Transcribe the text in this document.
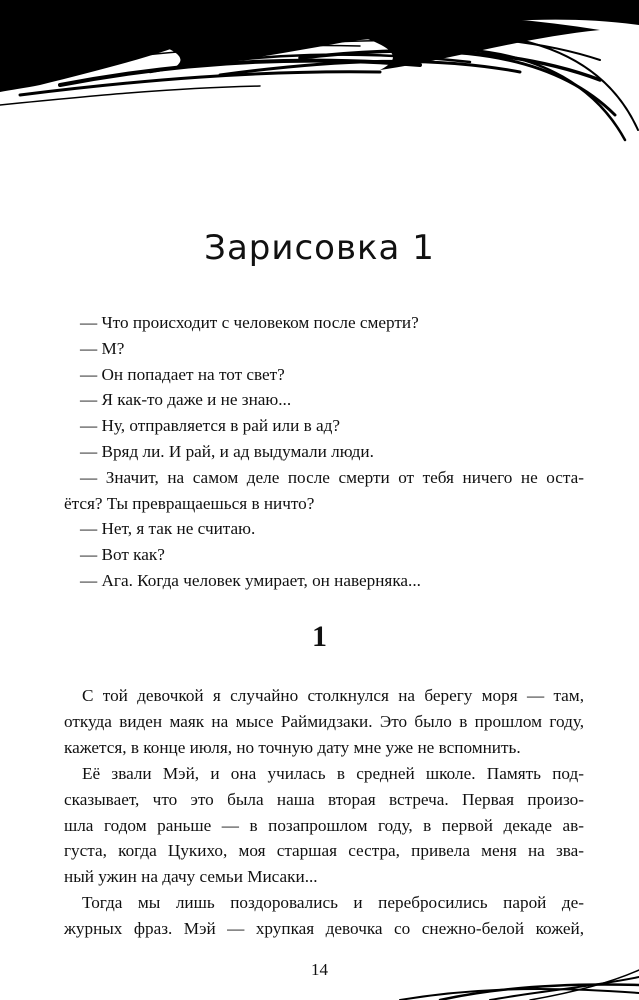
Зарисовка 1

— Что происходит с человеком после смерти?

— М?

— Он попадает на тот свет?

— Я как-то даже и не знаю...

— Ну, отправляется в рай или в ад?

— Вряд ли. И рай, и ад выдумали люди.

— Значит, на самом деле после смерти от тебя ничего не оста-

ётся? Ты превращаешься в ничто?

— Нет, я так не считаю.

— Вот как?

— Ага. Когда человек умирает, он наверняка...

1

С той девочкой я случайно столкнулся на берегу моря — там,

откуда виден маяк на мысе Раймидзаки. Это было в прошлом году,

кажется, в конце июля, но точную дату мне уже не вспомнить.

Её звали Мэй, и она училась в средней школе. Память под-

сказывает, что это была наша вторая встреча. Первая произо-

шла годом раньше — в позапрошлом году, в первой декаде ав-

густа, когда Цукихо, моя старшая сестра, привела меня на зва-

ный ужин на дачу семьи Мисаки...

Тогда мы лишь поздоровались и перебросились парой де-

журных фраз. Мэй — хрупкая девочка со снежно-белой кожей,

14
